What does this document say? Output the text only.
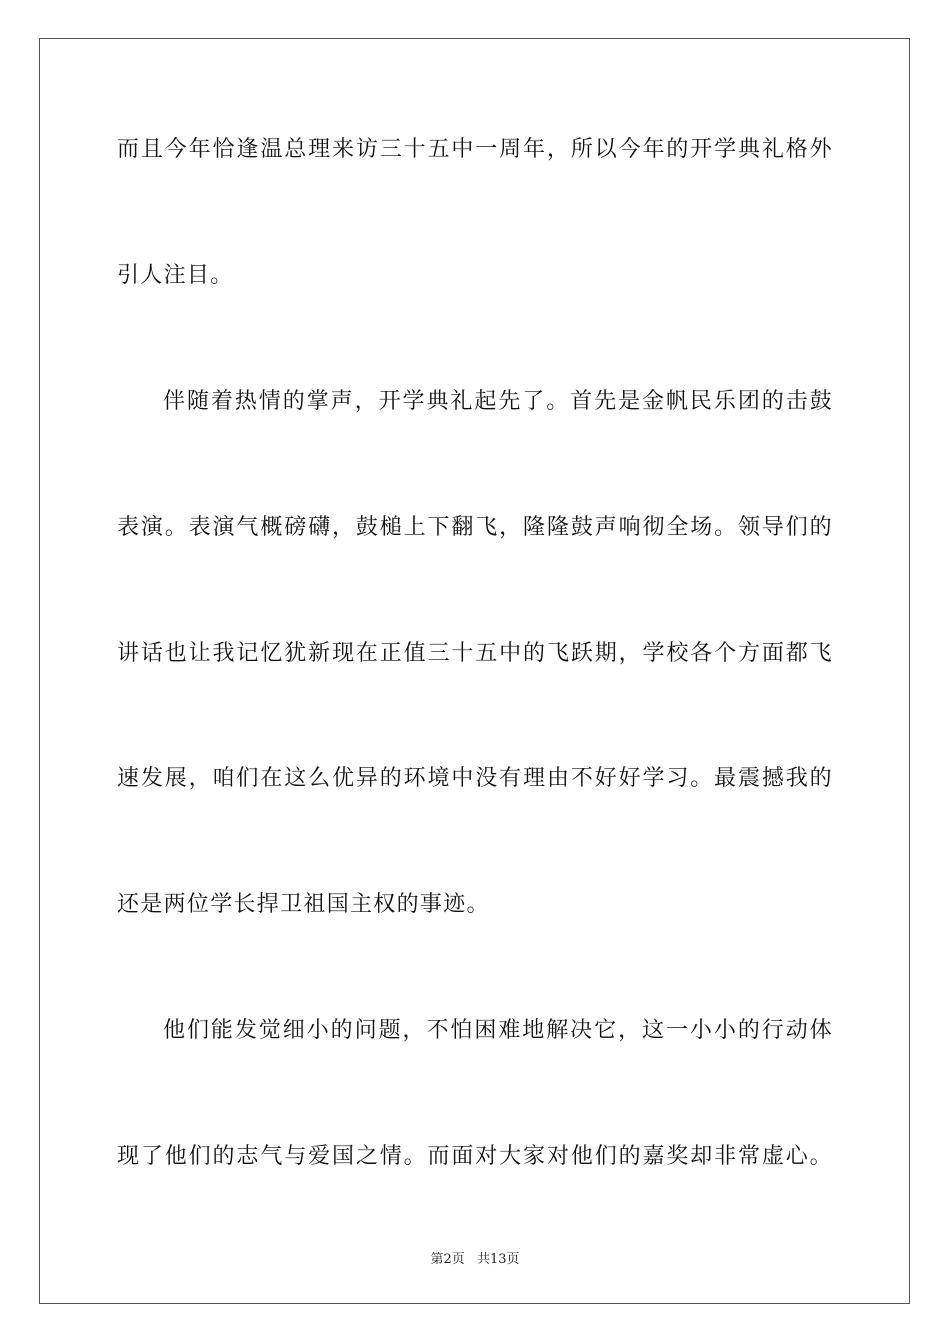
而且今年恰逢温总理来访三十五中一周年，所以今年的开学典礼格外
引人注目。
伴随着热情的掌声，开学典礼起先了。首先是金帆民乐团的击鼓
表演。表演气概磅礴，鼓槌上下翻飞，隆隆鼓声响彻全场。领导们的
讲话也让我记忆犹新现在正值三十五中的飞跃期，学校各个方面都飞
速发展，咱们在这么优异的环境中没有理由不好好学习。最震撼我的
还是两位学长捍卫祖国主权的事迹。
他们能发觉细小的问题，不怕困难地解决它，这一小小的行动体
现了他们的志气与爱国之情。而面对大家对他们的嘉奖却非常虚心。
第2页 共13页
